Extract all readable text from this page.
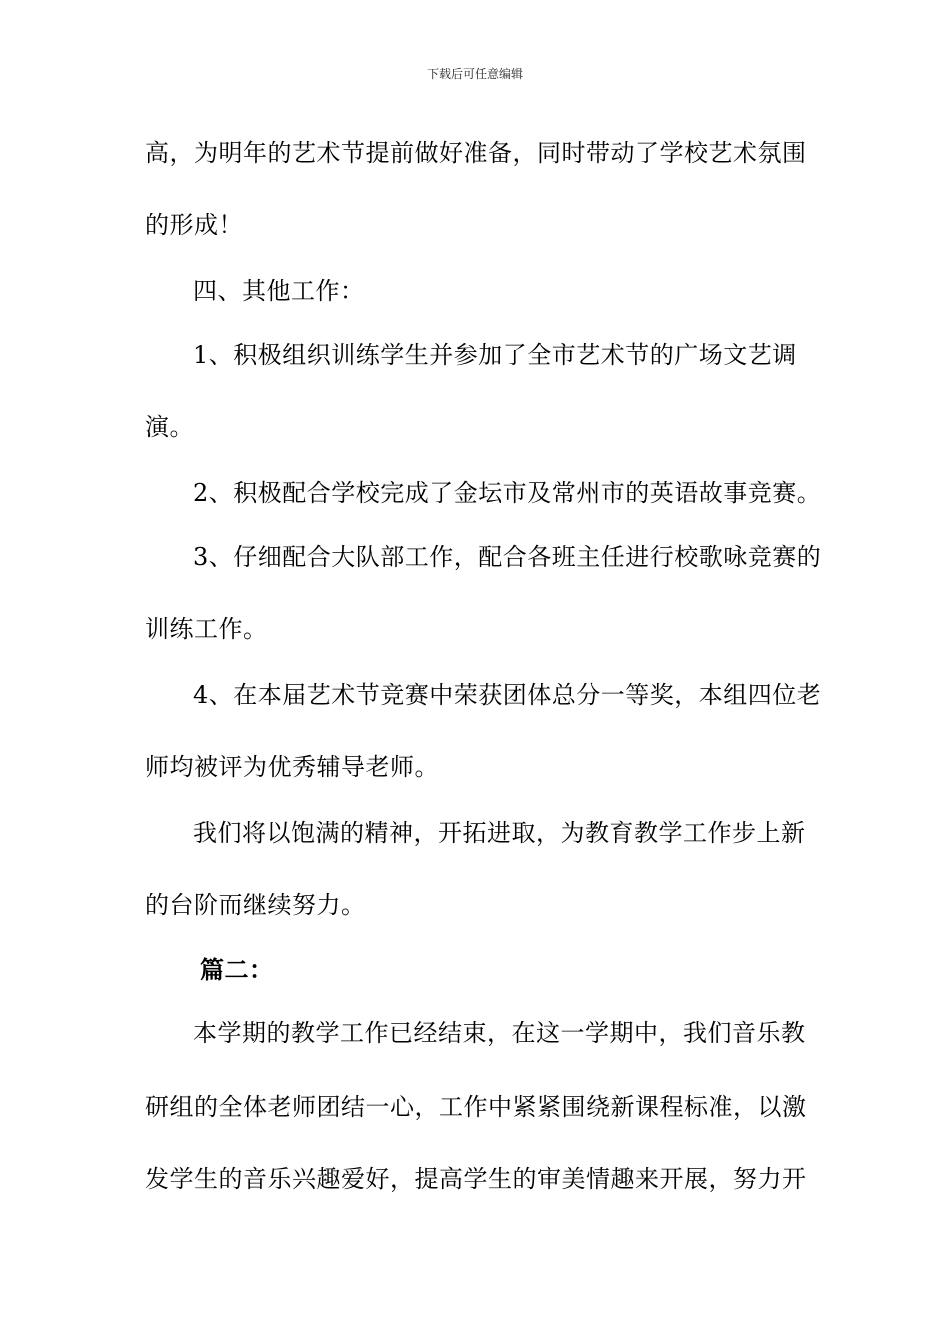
下载后可任意编辑
高，为明年的艺术节提前做好准备，同时带动了学校艺术氛围
的形成！
四、其他工作：
1、积极组织训练学生并参加了全市艺术节的广场文艺调
演。
2、积极配合学校完成了金坛市及常州市的英语故事竞赛。
3、仔细配合大队部工作，配合各班主任进行校歌咏竞赛的
训练工作。
4、在本届艺术节竞赛中荣获团体总分一等奖，本组四位老
师均被评为优秀辅导老师。
我们将以饱满的精神，开拓进取，为教育教学工作步上新
的台阶而继续努力。
篇二：
本学期的教学工作已经结束，在这一学期中，我们音乐教
研组的全体老师团结一心，工作中紧紧围绕新课程标准，以激
发学生的音乐兴趣爱好，提高学生的审美情趣来开展，努力开
